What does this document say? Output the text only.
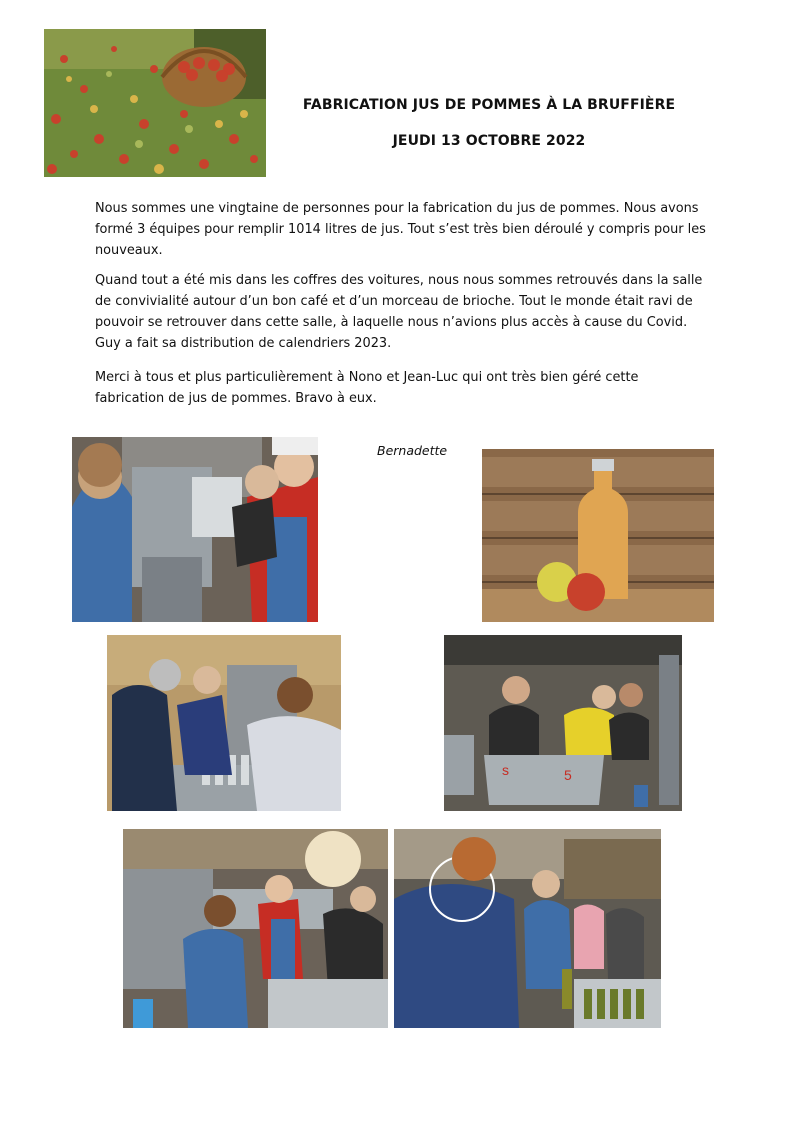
FABRICATION JUS DE POMMES À LA BRUFFIÈRE
JEUDI 13 OCTOBRE 2022

Nous sommes une vingtaine de personnes pour la fabrication du jus de pommes. Nous avons formé 3 équipes pour remplir 1014 litres de jus. Tout s’est très bien déroulé y compris pour les nouveaux.

Quand tout a été mis dans les coffres des voitures, nous nous sommes retrouvés dans la salle de convivialité autour d’un bon café et d’un morceau de brioche. Tout le monde était ravi de pouvoir se retrouver dans cette salle, à laquelle nous n’avions plus accès à cause du Covid. Guy a fait sa distribution de calendriers 2023.

Merci à tous et plus particulièrement à Nono et Jean-Luc qui ont très bien géré cette fabrication de jus de pommes. Bravo à eux.

Bernadette
s	5
